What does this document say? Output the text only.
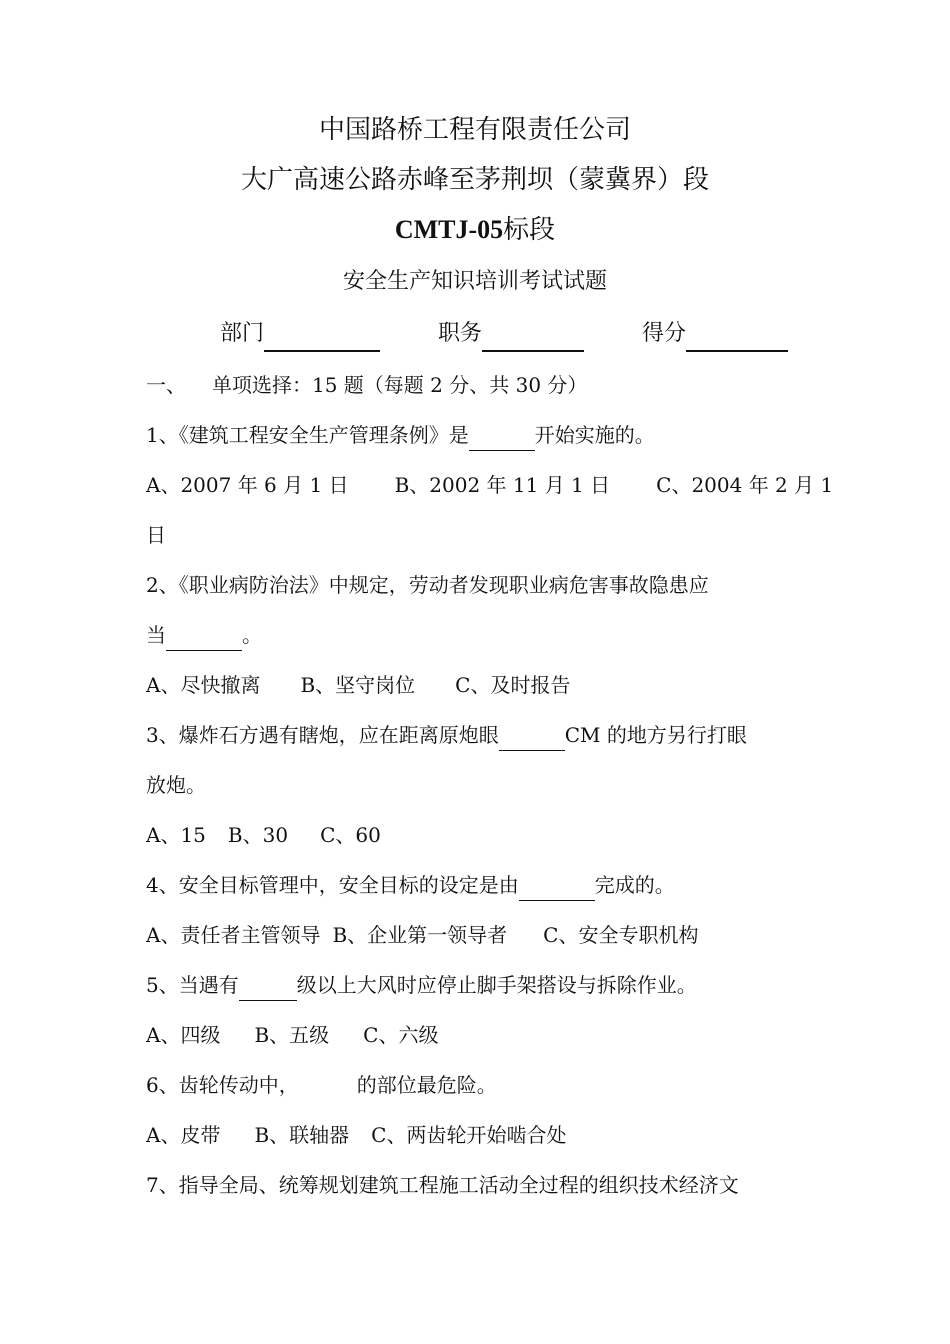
中国路桥工程有限责任公司
大广高速公路赤峰至茅荆坝（蒙冀界）段
CMTJ-05标段
安全生产知识培训考试试题
部门	职务	得分
一、 单项选择：15 题（每题 2 分、共 30 分）
1、《建筑工程安全生产管理条例》是	开始实施的。
A、2007 年 6 月 1 日 B、2002 年 11 月 1 日 C、2004 年 2 月 1
日
2、《职业病防治法》中规定，劳动者发现职业病危害事故隐患应
当	。
A、尽快撤离 B、坚守岗位 C、及时报告
3、爆炸石方遇有瞎炮，应在距离原炮眼	CM 的地方另行打眼
放炮。
A、15 B、30 C、60
4、安全目标管理中，安全目标的设定是由	完成的。
A、责任者主管领导 B、企业第一领导者 C、安全专职机构
5、当遇有	级以上大风时应停止脚手架搭设与拆除作业。
A、四级 B、五级 C、六级
6、齿轮传动中，	的部位最危险。
A、皮带 B、联轴器 C、两齿轮开始啮合处
7、指导全局、统筹规划建筑工程施工活动全过程的组织技术经济文
